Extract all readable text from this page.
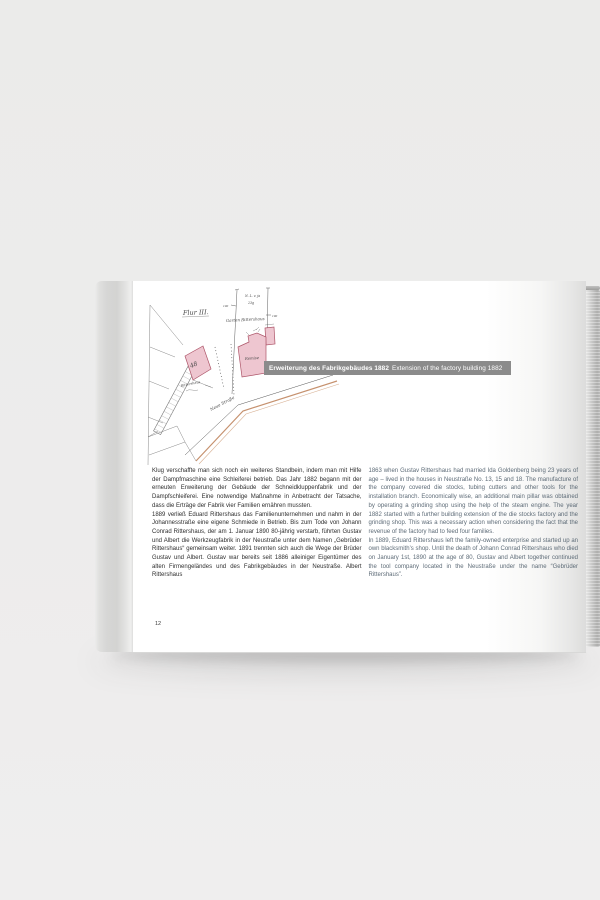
Flur III.
Garten Rittershaus
N. L. v. ja
23g
100
190
48
Remise
Rittershaus
Neue Straße
Erweiterung des Fabrikgebäudes 1882 Extension of the factory building 1882

Klug verschaffte man sich noch ein weiteres Standbein, indem man mit Hilfe der Dampfmaschine eine Schleiferei betrieb. Das Jahr 1882 begann mit der erneuten Erweiterung der Gebäude der Schneidkluppenfabrik und der Dampfschleiferei. Eine notwendige Maßnahme in Anbetracht der Tatsache, dass die Erträge der Fabrik vier Familien ernähren mussten.

1889 verließ Eduard Rittershaus das Familienunternehmen und nahm in der Johannesstraße eine eigene Schmiede in Betrieb. Bis zum Tode von Johann Conrad Rittershaus, der am 1. Januar 1890 80-jährig verstarb, führten Gustav und Albert die Werkzeugfabrik in der Neustraße unter dem Namen „Gebrüder Rittershaus“ gemeinsam weiter. 1891 trennten sich auch die Wege der Brüder Gustav und Albert. Gustav war bereits seit 1886 alleiniger Eigentümer des alten Firmengeländes und des Fabrikgebäudes in der Neustraße. Albert Rittershaus

1863 when Gustav Rittershaus had married Ida Goldenberg being 23 years of age – lived in the houses in Neustraße No. 13, 15 and 18. The manufacture of the company covered die stocks, tubing cutters and other tools for the installation branch. Economically wise, an additional main pillar was obtained by operating a grinding shop using the help of the steam engine. The year 1882 started with a further building extension of the die stocks factory and the grinding shop. This was a necessary action when considering the fact that the revenue of the factory had to feed four families.

In 1889, Eduard Rittershaus left the family-owned enterprise and started up an own blacksmith’s shop. Until the death of Johann Conrad Rittershaus who died on January 1st, 1890 at the age of 80, Gustav and Albert together continued the tool company located in the Neustraße under the name “Gebrüder Rittershaus”.

12
